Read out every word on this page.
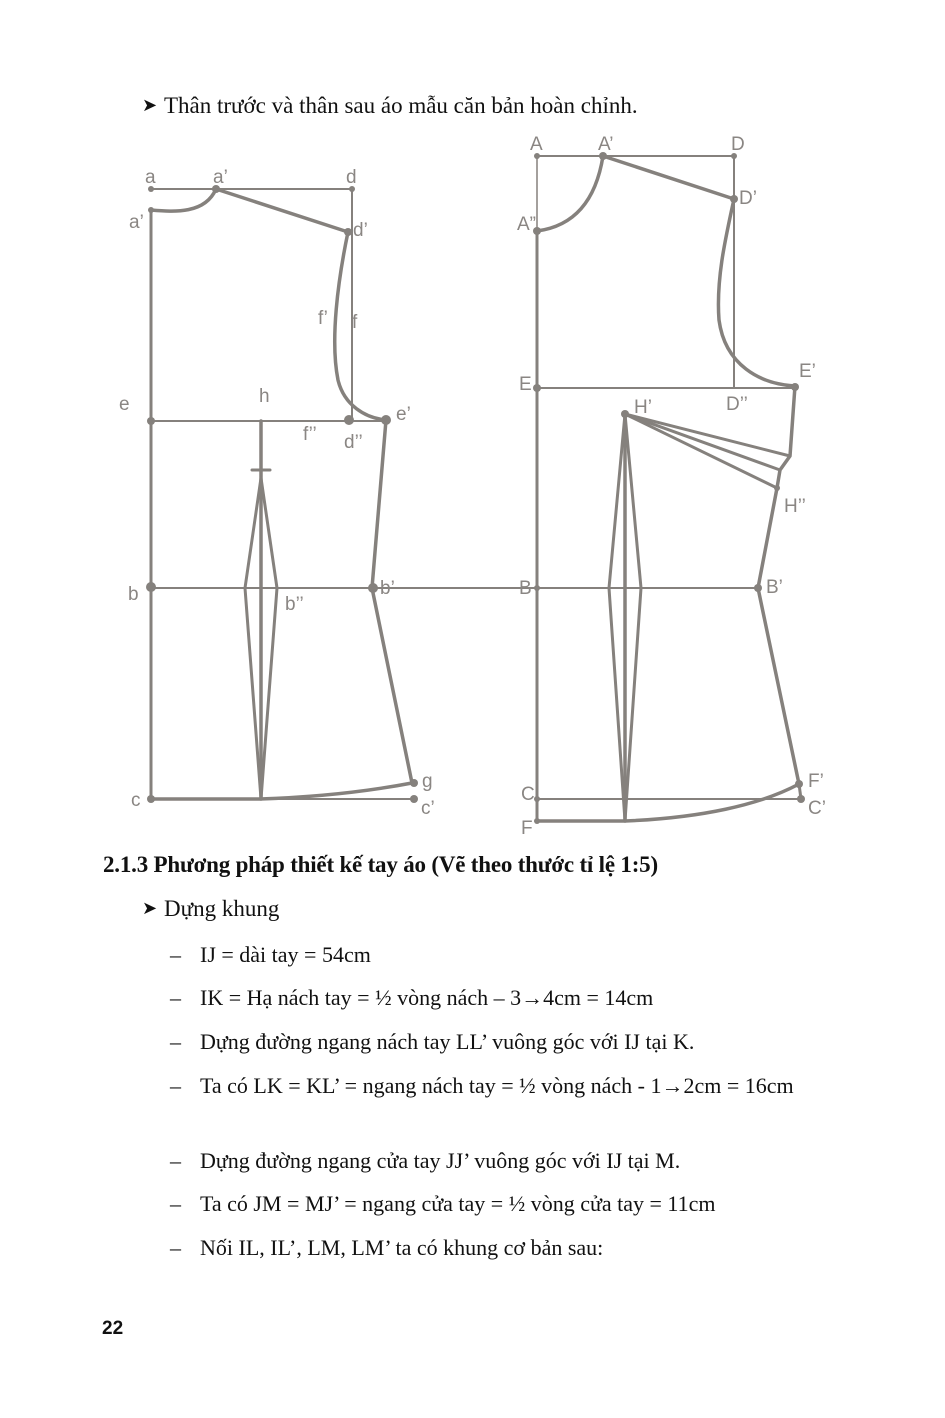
➤ Thân trước và thân sau áo mẫu căn bản hoàn chỉnh.
a	a’	d
a’	d’
f’ f
e	h
e’
f’’ d’’
b	b’
b’’
c
g
c’
A	A’	D
D’
A”
E
E’
D’’
H’
H’’
B	B’
C
F’
C’
F
2.1.3 Phương pháp thiết kế tay áo (Vẽ theo thước tỉ lệ 1:5)
➤ Dựng khung
– IJ = dài tay = 54cm
– IK = Hạ nách tay = ½ vòng nách – 3→4cm = 14cm
– Dựng đường ngang nách tay LL’ vuông góc với IJ tại K.
– Ta có LK = KL’ = ngang nách tay = ½ vòng nách - 1→2cm = 16cm
– Dựng đường ngang cửa tay JJ’ vuông góc với IJ tại M.
– Ta có JM = MJ’ = ngang cửa tay = ½ vòng cửa tay = 11cm
– Nối IL, IL’, LM, LM’ ta có khung cơ bản sau:
22
